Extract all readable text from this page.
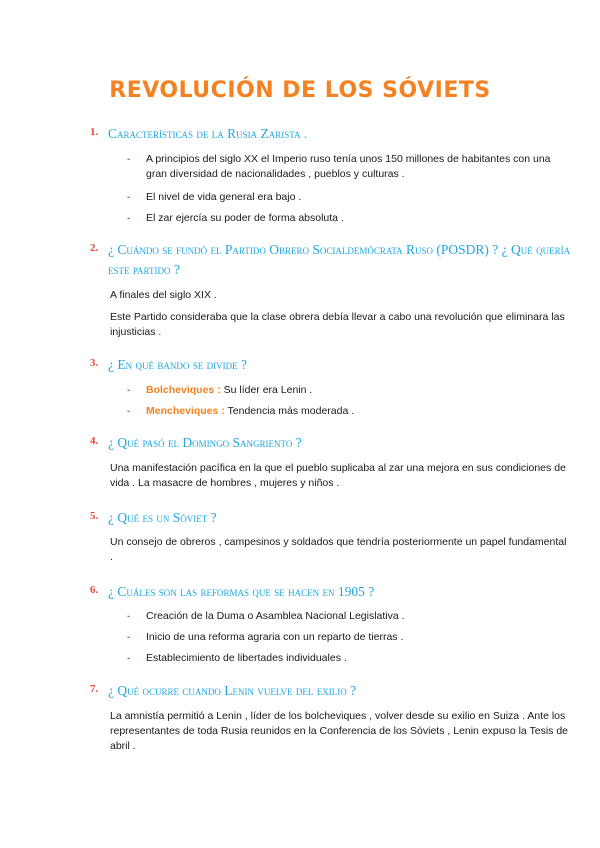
REVOLUCIÓN DE LOS SÓVIETS
1. Características de la Rusia Zarista .
- A principios del siglo XX el Imperio ruso tenía unos 150 millones de habitantes con una gran diversidad de nacionalidades , pueblos y culturas .
- El nivel de vida general era bajo .
- El zar ejercía su poder de forma absoluta .
2. ¿ Cuándo se fundó el Partido Obrero Socialdemócrata Ruso (POSDR) ? ¿ Qué quería este partido ?
A finales del siglo XIX .
Este Partido consideraba que la clase obrera debía llevar a cabo una revolución que eliminara las injusticias .
3. ¿ En qué bando se divide ?
- Bolcheviques : Su líder era Lenin .
- Mencheviques : Tendencia más moderada .
4. ¿ Qué pasó el Domingo Sangriento ?
Una manifestación pacífica en la que el pueblo suplicaba al zar una mejora en sus condiciones de vida . La masacre de hombres , mujeres y niños .
5. ¿ Qué es un Sóviet ?
Un consejo de obreros , campesinos y soldados que tendría posteriormente un papel fundamental .
6. ¿ Cuáles son las reformas que se hacen en 1905 ?
- Creación de la Duma o Asamblea Nacional Legislativa .
- Inicio de una reforma agraria con un reparto de tierras .
- Establecimiento de libertades individuales .
7. ¿ Qué ocurre cuando Lenin vuelve del exilio ?
La amnistía permitió a Lenin , líder de los bolcheviques , volver desde su exilio en Suiza . Ante los representantes de toda Rusia reunidos en la Conferencia de los Sóviets , Lenin expuso la Tesis de abril .
